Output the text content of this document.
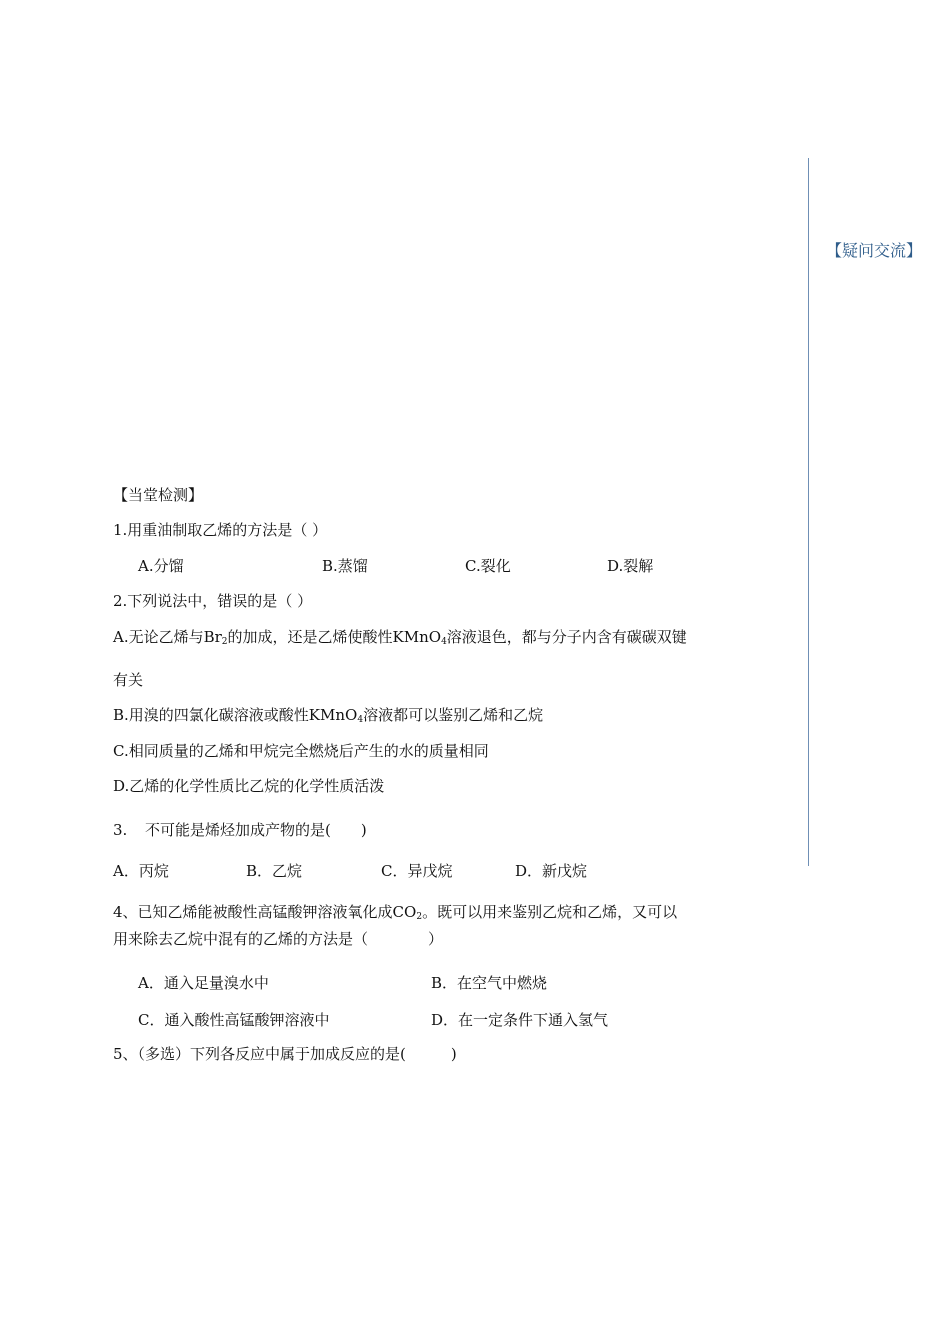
【疑问交流】
【当堂检测】
1.用重油制取乙烯的方法是（ ）
A.分馏	B.蒸馏	C.裂化	D.裂解
2.下列说法中，错误的是（ ）
A.无论乙烯与$Br_2$的加成，还是乙烯使酸性KMnO$_4$溶液退色，都与分子内含有碳碳双键
有关
B.用溴的四氯化碳溶液或酸性KMnO$_4$溶液都可以鉴别乙烯和乙烷
C.相同质量的乙烯和甲烷完全燃烧后产生的水的质量相同
D.乙烯的化学性质比乙烷的化学性质活泼
3. 不可能是烯烃加成产物的是(　　)
A．丙烷	B．乙烷	C．异戊烷	D．新戊烷
4、已知乙烯能被酸性高锰酸钾溶液氧化成$CO_2$。既可以用来鉴别乙烷和乙烯，又可以
用来除去乙烷中混有的乙烯的方法是（　　　　）
A．通入足量溴水中	B．在空气中燃烧
C．通入酸性高锰酸钾溶液中	D．在一定条件下通入氢气
5、（多选）下列各反应中属于加成反应的是(　　　)
